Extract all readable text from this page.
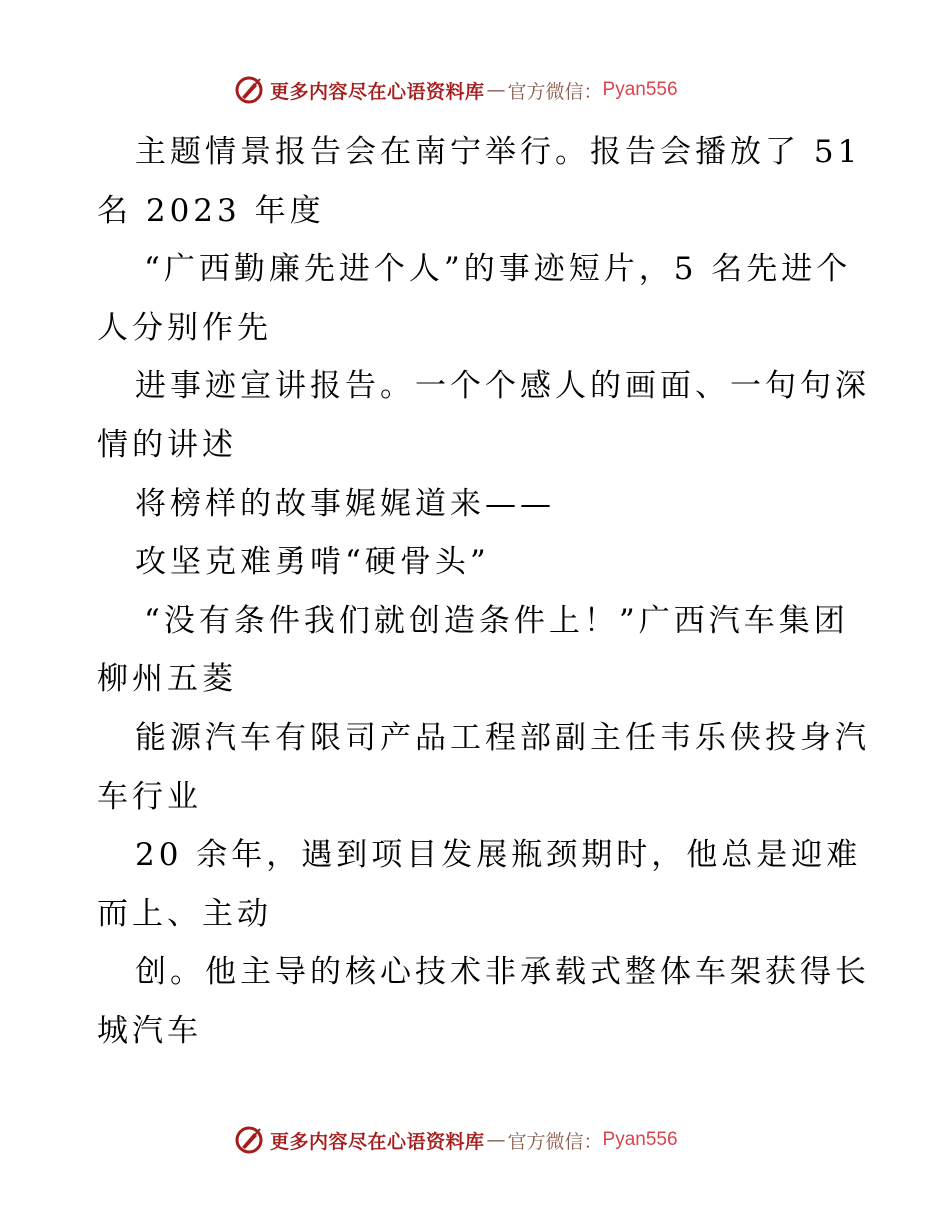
更多内容尽在心语资料库 — 官方微信： Pyan556
主题情景报告会在南宁举行。报告会播放了 51
名 2023 年度
“广西勤廉先进个人”的事迹短片，5 名先进个
人分别作先
进事迹宣讲报告。一个个感人的画面、一句句深
情的讲述
将榜样的故事娓娓道来——
攻坚克难勇啃“硬骨头”
“没有条件我们就创造条件上！”广西汽车集团
柳州五菱
能源汽车有限司产品工程部副主任韦乐侠投身汽
车行业
20 余年，遇到项目发展瓶颈期时，他总是迎难
而上、主动
创。他主导的核心技术非承载式整体车架获得长
城汽车
更多内容尽在心语资料库 — 官方微信： Pyan556
